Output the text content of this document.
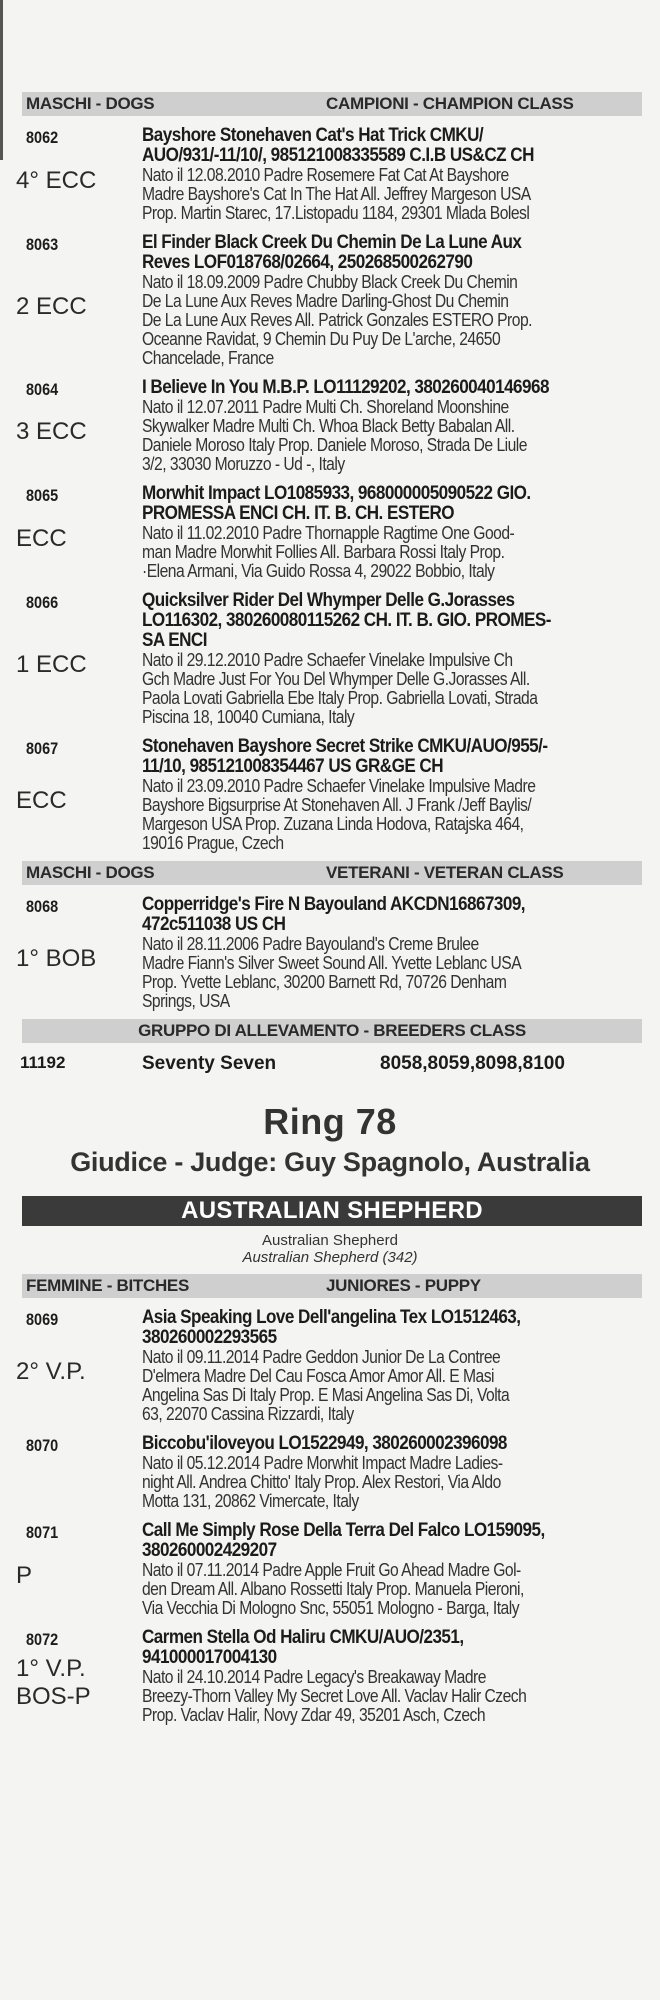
MASCHI - DOGS	CAMPIONI - CHAMPION CLASS
8062	Bayshore Stonehaven Cat's Hat Trick CMKU/
AUO/931/-11/10/, 985121008335589 C.I.B US&CZ CH
Nato il 12.08.2010 Padre Rosemere Fat Cat At Bayshore
Madre Bayshore's Cat In The Hat All. Jeffrey Margeson USA
Prop. Martin Starec, 17.Listopadu 1184, 29301 Mlada Bolesl
4° ECC
8063	El Finder Black Creek Du Chemin De La Lune Aux
Reves LOF018768/02664, 250268500262790
Nato il 18.09.2009 Padre Chubby Black Creek Du Chemin
De La Lune Aux Reves Madre Darling-Ghost Du Chemin
De La Lune Aux Reves All. Patrick Gonzales ESTERO Prop.
Oceanne Ravidat, 9 Chemin Du Puy De L'arche, 24650
Chancelade, France
2 ECC
8064	I Believe In You M.B.P. LO11129202, 380260040146968
Nato il 12.07.2011 Padre Multi Ch. Shoreland Moonshine
Skywalker Madre Multi Ch. Whoa Black Betty Babalan All.
Daniele Moroso Italy Prop. Daniele Moroso, Strada De Liule
3/2, 33030 Moruzzo - Ud -, Italy
3 ECC
8065	Morwhit Impact LO1085933, 968000005090522 GIO.
PROMESSA ENCI CH. IT. B. CH. ESTERO
Nato il 11.02.2010 Padre Thornapple Ragtime One Good-
man Madre Morwhit Follies All. Barbara Rossi Italy Prop.
·Elena Armani, Via Guido Rossa 4, 29022 Bobbio, Italy
ECC
8066	Quicksilver Rider Del Whymper Delle G.Jorasses
LO116302, 380260080115262 CH. IT. B. GIO. PROMES-
SA ENCI
Nato il 29.12.2010 Padre Schaefer Vinelake Impulsive Ch
Gch Madre Just For You Del Whymper Delle G.Jorasses All.
Paola Lovati Gabriella Ebe Italy Prop. Gabriella Lovati, Strada
Piscina 18, 10040 Cumiana, Italy
1 ECC
8067	Stonehaven Bayshore Secret Strike CMKU/AUO/955/-
11/10, 985121008354467 US GR&GE CH
Nato il 23.09.2010 Padre Schaefer Vinelake Impulsive Madre
Bayshore Bigsurprise At Stonehaven All. J Frank /Jeff Baylis/
Margeson USA Prop. Zuzana Linda Hodova, Ratajska 464,
19016 Prague, Czech
ECC
MASCHI - DOGS	VETERANI - VETERAN CLASS
8068	Copperridge's Fire N Bayouland AKCDN16867309,
472c511038 US CH
Nato il 28.11.2006 Padre Bayouland's Creme Brulee
Madre Fiann's Silver Sweet Sound All. Yvette Leblanc USA
Prop. Yvette Leblanc, 30200 Barnett Rd, 70726 Denham
Springs, USA
1° BOB
GRUPPO DI ALLEVAMENTO - BREEDERS CLASS
11192	Seventy Seven	8058,8059,8098,8100
Ring 78
Giudice - Judge: Guy Spagnolo, Australia
AUSTRALIAN SHEPHERD
Australian Shepherd
Australian Shepherd (342)
FEMMINE - BITCHES	JUNIORES - PUPPY
8069	Asia Speaking Love Dell'angelina Tex LO1512463,
380260002293565
Nato il 09.11.2014 Padre Geddon Junior De La Contree
D'elmera Madre Del Cau Fosca Amor Amor All. E Masi
Angelina Sas Di Italy Prop. E Masi Angelina Sas Di, Volta
63, 22070 Cassina Rizzardi, Italy
2° V.P.
8070	Biccobu'iloveyou LO1522949, 380260002396098
Nato il 05.12.2014 Padre Morwhit Impact Madre Ladies-
night All. Andrea Chitto' Italy Prop. Alex Restori, Via Aldo
Motta 131, 20862 Vimercate, Italy
8071	Call Me Simply Rose Della Terra Del Falco LO159095,
380260002429207
Nato il 07.11.2014 Padre Apple Fruit Go Ahead Madre Gol-
den Dream All. Albano Rossetti Italy Prop. Manuela Pieroni,
Via Vecchia Di Mologno Snc, 55051 Mologno - Barga, Italy
P
8072	Carmen Stella Od Haliru CMKU/AUO/2351,
941000017004130
Nato il 24.10.2014 Padre Legacy's Breakaway Madre
Breezy-Thorn Valley My Secret Love All. Vaclav Halir Czech
Prop. Vaclav Halir, Novy Zdar 49, 35201 Asch, Czech
1° V.P.
BOS-P
